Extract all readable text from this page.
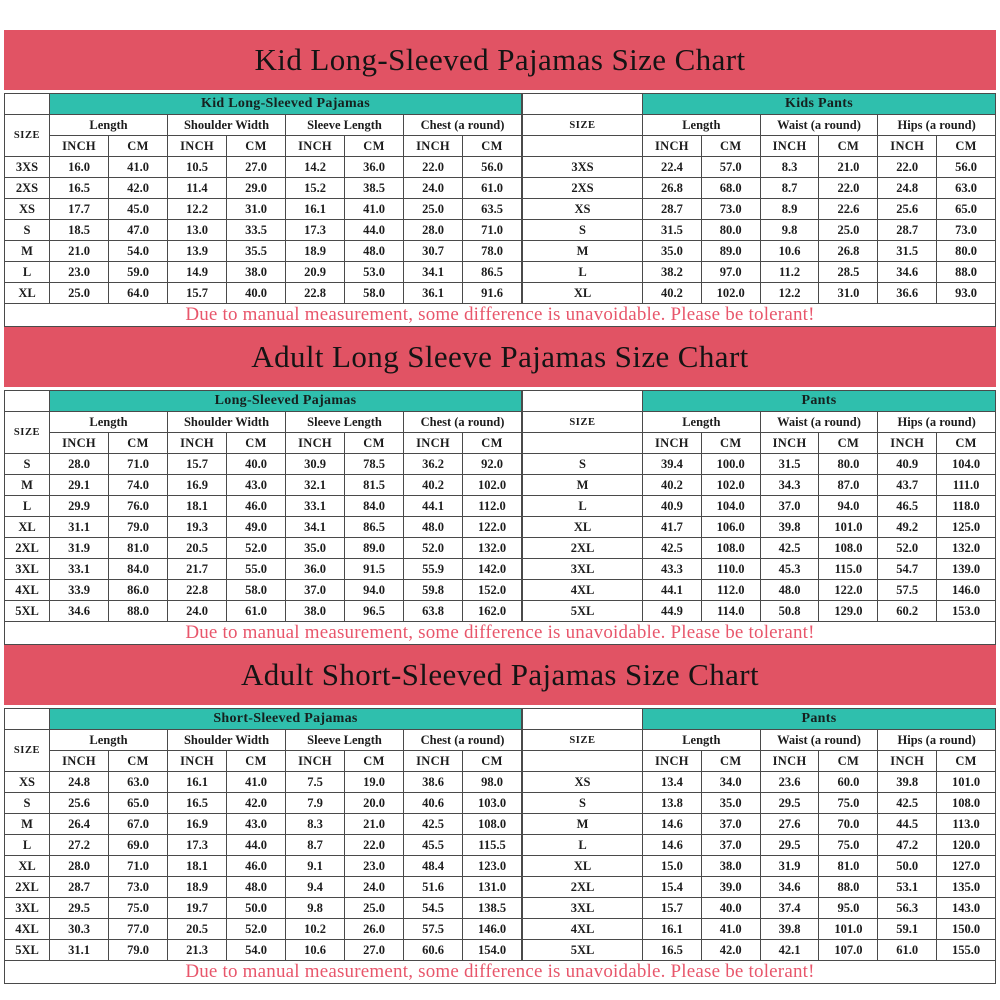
Kid Long-Sleeved Pajamas Size Chart
	Kid Long-Sleeved Pajamas							
SIZE	Length		Shoulder Width		Sleeve Length		Chest (a round)	
	INCH	CM	INCH	CM	INCH	CM	INCH	CM
3XS	16.0	41.0	10.5	27.0	14.2	36.0	22.0	56.0
2XS	16.5	42.0	11.4	29.0	15.2	38.5	24.0	61.0
XS	17.7	45.0	12.2	31.0	16.1	41.0	25.0	63.5
S	18.5	47.0	13.0	33.5	17.3	44.0	28.0	71.0
M	21.0	54.0	13.9	35.5	18.9	48.0	30.7	78.0
L	23.0	59.0	14.9	38.0	20.9	53.0	34.1	86.5
XL	25.0	64.0	15.7	40.0	22.8	58.0	36.1	91.6
	Kids Pants					
SIZE	Length		Waist (a round)		Hips (a round)	
	INCH	CM	INCH	CM	INCH	CM
3XS	22.4	57.0	8.3	21.0	22.0	56.0
2XS	26.8	68.0	8.7	22.0	24.8	63.0
XS	28.7	73.0	8.9	22.6	25.6	65.0
S	31.5	80.0	9.8	25.0	28.7	73.0
M	35.0	89.0	10.6	26.8	31.5	80.0
L	38.2	97.0	11.2	28.5	34.6	88.0
XL	40.2	102.0	12.2	31.0	36.6	93.0
Due to manual measurement, some difference is unavoidable. Please be tolerant!
Adult Long Sleeve Pajamas Size Chart
	Long-Sleeved Pajamas							
SIZE	Length		Shoulder Width		Sleeve Length		Chest (a round)	
	INCH	CM	INCH	CM	INCH	CM	INCH	CM
S	28.0	71.0	15.7	40.0	30.9	78.5	36.2	92.0
M	29.1	74.0	16.9	43.0	32.1	81.5	40.2	102.0
L	29.9	76.0	18.1	46.0	33.1	84.0	44.1	112.0
XL	31.1	79.0	19.3	49.0	34.1	86.5	48.0	122.0
2XL	31.9	81.0	20.5	52.0	35.0	89.0	52.0	132.0
3XL	33.1	84.0	21.7	55.0	36.0	91.5	55.9	142.0
4XL	33.9	86.0	22.8	58.0	37.0	94.0	59.8	152.0
5XL	34.6	88.0	24.0	61.0	38.0	96.5	63.8	162.0
	Pants					
SIZE	Length		Waist (a round)		Hips (a round)	
	INCH	CM	INCH	CM	INCH	CM
S	39.4	100.0	31.5	80.0	40.9	104.0
M	40.2	102.0	34.3	87.0	43.7	111.0
L	40.9	104.0	37.0	94.0	46.5	118.0
XL	41.7	106.0	39.8	101.0	49.2	125.0
2XL	42.5	108.0	42.5	108.0	52.0	132.0
3XL	43.3	110.0	45.3	115.0	54.7	139.0
4XL	44.1	112.0	48.0	122.0	57.5	146.0
5XL	44.9	114.0	50.8	129.0	60.2	153.0
Due to manual measurement, some difference is unavoidable. Please be tolerant!
Adult Short-Sleeved Pajamas Size Chart
	Short-Sleeved Pajamas							
SIZE	Length		Shoulder Width		Sleeve Length		Chest (a round)	
	INCH	CM	INCH	CM	INCH	CM	INCH	CM
XS	24.8	63.0	16.1	41.0	7.5	19.0	38.6	98.0
S	25.6	65.0	16.5	42.0	7.9	20.0	40.6	103.0
M	26.4	67.0	16.9	43.0	8.3	21.0	42.5	108.0
L	27.2	69.0	17.3	44.0	8.7	22.0	45.5	115.5
XL	28.0	71.0	18.1	46.0	9.1	23.0	48.4	123.0
2XL	28.7	73.0	18.9	48.0	9.4	24.0	51.6	131.0
3XL	29.5	75.0	19.7	50.0	9.8	25.0	54.5	138.5
4XL	30.3	77.0	20.5	52.0	10.2	26.0	57.5	146.0
5XL	31.1	79.0	21.3	54.0	10.6	27.0	60.6	154.0
	Pants					
SIZE	Length		Waist (a round)		Hips (a round)	
	INCH	CM	INCH	CM	INCH	CM
XS	13.4	34.0	23.6	60.0	39.8	101.0
S	13.8	35.0	29.5	75.0	42.5	108.0
M	14.6	37.0	27.6	70.0	44.5	113.0
L	14.6	37.0	29.5	75.0	47.2	120.0
XL	15.0	38.0	31.9	81.0	50.0	127.0
2XL	15.4	39.0	34.6	88.0	53.1	135.0
3XL	15.7	40.0	37.4	95.0	56.3	143.0
4XL	16.1	41.0	39.8	101.0	59.1	150.0
5XL	16.5	42.0	42.1	107.0	61.0	155.0
Due to manual measurement, some difference is unavoidable. Please be tolerant!
